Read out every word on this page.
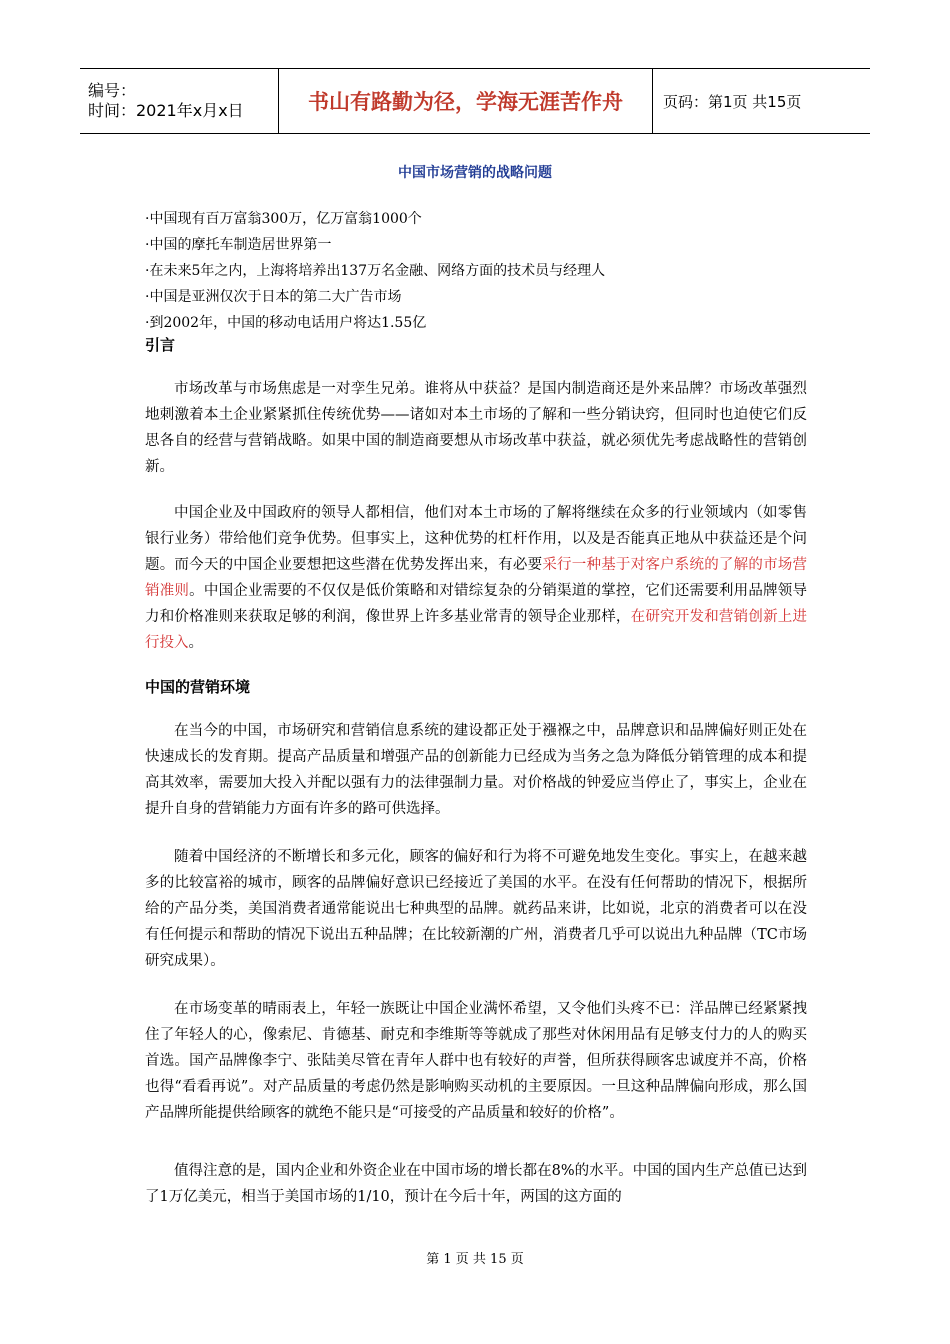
编号：
时间：2021年x月x日	书山有路勤为径，学海无涯苦作舟	页码：第1页 共15页
中国市场营销的战略问题
·中国现有百万富翁300万，亿万富翁1000个
·中国的摩托车制造居世界第一
·在未来5年之内，上海将培养出137万名金融、网络方面的技术员与经理人
·中国是亚洲仅次于日本的第二大广告市场
·到2002年，中国的移动电话用户将达1.55亿
引言
市场改革与市场焦虑是一对孪生兄弟。谁将从中获益？是国内制造商还是外来品牌？市场改革强烈地刺激着本土企业紧紧抓住传统优势——诸如对本土市场的了解和一些分销诀窍，但同时也迫使它们反思各自的经营与营销战略。如果中国的制造商要想从市场改革中获益，就必须优先考虑战略性的营销创新。
中国企业及中国政府的领导人都相信，他们对本土市场的了解将继续在众多的行业领域内（如零售银行业务）带给他们竞争优势。但事实上，这种优势的杠杆作用，以及是否能真正地从中获益还是个问题。而今天的中国企业要想把这些潜在优势发挥出来，有必要采行一种基于对客户系统的了解的市场营销准则。中国企业需要的不仅仅是低价策略和对错综复杂的分销渠道的掌控，它们还需要利用品牌领导力和价格准则来获取足够的利润，像世界上许多基业常青的领导企业那样，在研究开发和营销创新上进行投入。
中国的营销环境
在当今的中国，市场研究和营销信息系统的建设都正处于襁褓之中，品牌意识和品牌偏好则正处在快速成长的发育期。提高产品质量和增强产品的创新能力已经成为当务之急为降低分销管理的成本和提高其效率，需要加大投入并配以强有力的法律强制力量。对价格战的钟爱应当停止了，事实上，企业在提升自身的营销能力方面有许多的路可供选择。
随着中国经济的不断增长和多元化，顾客的偏好和行为将不可避免地发生变化。事实上，在越来越多的比较富裕的城市，顾客的品牌偏好意识已经接近了美国的水平。在没有任何帮助的情况下，根据所给的产品分类，美国消费者通常能说出七种典型的品牌。就药品来讲，比如说，北京的消费者可以在没有任何提示和帮助的情况下说出五种品牌；在比较新潮的广州，消费者几乎可以说出九种品牌（TC市场研究成果）。
在市场变革的晴雨表上，年轻一族既让中国企业满怀希望，又令他们头疼不已：洋品牌已经紧紧拽住了年轻人的心，像索尼、肯德基、耐克和李维斯等等就成了那些对休闲用品有足够支付力的人的购买首选。国产品牌像李宁、张陆美尽管在青年人群中也有较好的声誉，但所获得顾客忠诚度并不高，价格也得“看看再说”。对产品质量的考虑仍然是影响购买动机的主要原因。一旦这种品牌偏向形成，那么国产品牌所能提供给顾客的就绝不能只是“可接受的产品质量和较好的价格”。
值得注意的是，国内企业和外资企业在中国市场的增长都在8%的水平。中国的国内生产总值已达到了1万亿美元，相当于美国市场的1/10，预计在今后十年，两国的这方面的
第 1 页 共 15 页
